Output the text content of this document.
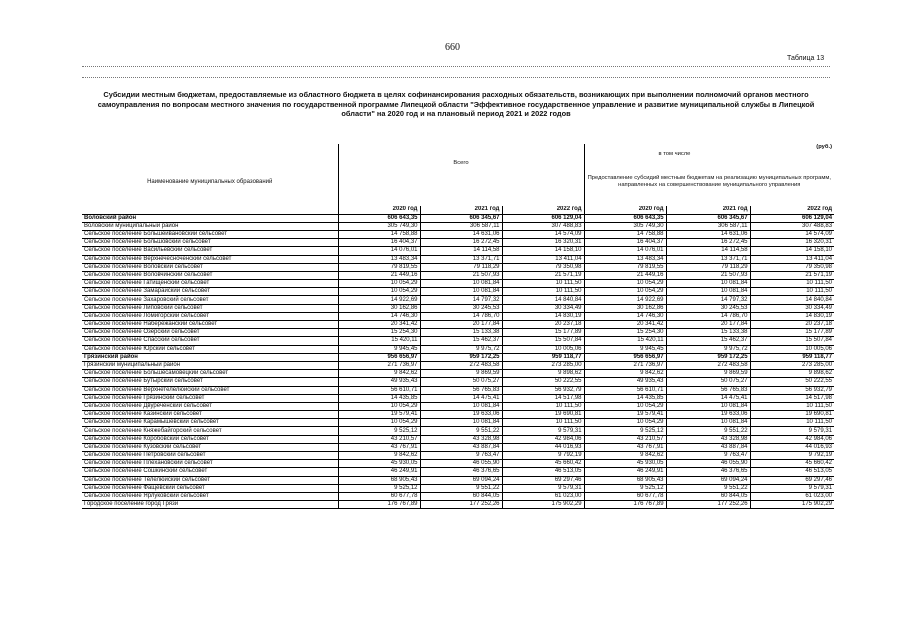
660
Таблица 13
Субсидии местным бюджетам, предоставляемые из областного бюджета в целях софинансирования расходных обязательств, возникающих при выполнении полномочий органов местного самоуправления по вопросам местного значения по государственной программе Липецкой области "Эффективное государственное управление и развитие муниципальной службы в Липецкой области" на 2020 год и на плановый период 2021 и 2022 годов
				(руб.)		
				в том числе		
Наименование муниципальных образований	Всего			Предоставление субсидий местным бюджетам на реализацию муниципальных программ, направленных на совершенствование муниципального управления		
	2020 год	2021 год	2022 год	2020 год	2021 год	2022 год
Воловский район	606 643,35	606 345,67	606 129,04	606 643,35	606 345,67	606 129,04
Воловский муниципальный район	305 749,30	306 587,11	307 488,83	305 749,30	306 587,11	307 488,83
Сельское поселение Большеивановский сельсовет	14 758,88	14 631,06	14 574,09	14 758,88	14 631,06	14 574,09
Сельское поселение Большовский сельсовет	16 404,37	16 272,45	16 320,31	16 404,37	16 272,45	16 320,31
Сельское поселение Васильевский сельсовет	14 076,01	14 114,58	14 158,10	14 076,01	14 114,58	14 158,10
Сельское поселение Верхнечесноченский сельсовет	13 483,34	13 371,71	13 411,04	13 483,34	13 371,71	13 411,04
Сельское поселение Воловский сельсовет	79 819,55	79 118,29	79 350,98	79 819,55	79 118,29	79 350,98
Сельское поселение Воловчинский сельсовет	21 449,16	21 507,93	21 571,19	21 449,16	21 507,93	21 571,19
Сельское поселение Гатищенский сельсовет	10 054,29	10 081,84	10 111,50	10 054,29	10 081,84	10 111,50
Сельское поселение Замарайский сельсовет	10 054,29	10 081,84	10 111,50	10 054,29	10 081,84	10 111,50
Сельское поселение Захаровский сельсовет	14 922,69	14 797,32	14 840,84	14 922,69	14 797,32	14 840,84
Сельское поселение Липовский сельсовет	30 162,86	30 245,53	30 334,49	30 162,86	30 245,53	30 334,49
Сельское поселение Ломигорский сельсовет	14 746,30	14 786,70	14 830,19	14 746,30	14 786,70	14 830,19
Сельское поселение Набережанский сельсовет	20 341,42	20 177,84	20 237,18	20 341,42	20 177,84	20 237,18
Сельское поселение Озерский сельсовет	15 254,30	15 133,38	15 177,89	15 254,30	15 133,38	15 177,89
Сельское поселение Спасский сельсовет	15 420,11	15 462,37	15 507,84	15 420,11	15 462,37	15 507,84
Сельское поселение Юрский сельсовет	9 945,45	9 975,72	10 005,06	9 945,45	9 975,72	10 005,06
Грязинский район	956 656,97	959 172,25	959 118,77	956 656,97	959 172,25	959 118,77
Грязинский муниципальный район	271 736,97	272 483,58	273 285,00	271 736,97	272 483,58	273 285,00
Сельское поселение Большесамовецкий сельсовет	9 842,62	9 869,59	9 898,62	9 842,62	9 869,59	9 898,62
Сельское поселение Бутырский сельсовет	49 935,43	50 075,27	50 222,55	49 935,43	50 075,27	50 222,55
Сельское поселение Верхнетелелюйский сельсовет	56 610,71	56 765,83	56 932,79	56 610,71	56 765,83	56 932,79
Сельское поселение Грязинский сельсовет	14 435,85	14 475,41	14 517,98	14 435,85	14 475,41	14 517,98
Сельское поселение Двуреченский сельсовет	10 054,29	10 081,84	10 111,50	10 054,29	10 081,84	10 111,50
Сельское поселение Казинский сельсовет	19 579,41	19 633,06	19 690,81	19 579,41	19 633,06	19 690,81
Сельское поселение Карамышевский сельсовет	10 054,29	10 081,84	10 111,50	10 054,29	10 081,84	10 111,50
Сельское поселение Княжебайгорский сельсовет	9 525,12	9 551,22	9 579,31	9 525,12	9 551,22	9 579,31
Сельское поселение Коробовский сельсовет	43 210,57	43 328,98	42 984,06	43 210,57	43 328,98	42 984,06
Сельское поселение Кузовский сельсовет	43 767,91	43 887,84	44 016,93	43 767,91	43 887,84	44 016,93
Сельское поселение Петровский сельсовет	9 842,62	9 763,47	9 792,19	9 842,62	9 763,47	9 792,19
Сельское поселение Плехановский сельсовет	45 930,05	46 055,90	45 660,42	45 930,05	46 055,90	45 660,42
Сельское поселение Сошкинский сельсовет	46 249,91	46 376,65	46 513,05	46 249,91	46 376,65	46 513,05
Сельское поселение Телелюйский сельсовет	68 905,43	69 094,24	69 297,46	68 905,43	69 094,24	69 297,46
Сельское поселение Фащевский сельсовет	9 525,12	9 551,22	9 579,31	9 525,12	9 551,22	9 579,31
Сельское поселение Ярлуковский сельсовет	60 677,78	60 844,05	61 023,00	60 677,78	60 844,05	61 023,00
Городское поселение город Грязи	176 767,89	177 252,26	175 902,29	176 767,89	177 252,26	175 902,29
